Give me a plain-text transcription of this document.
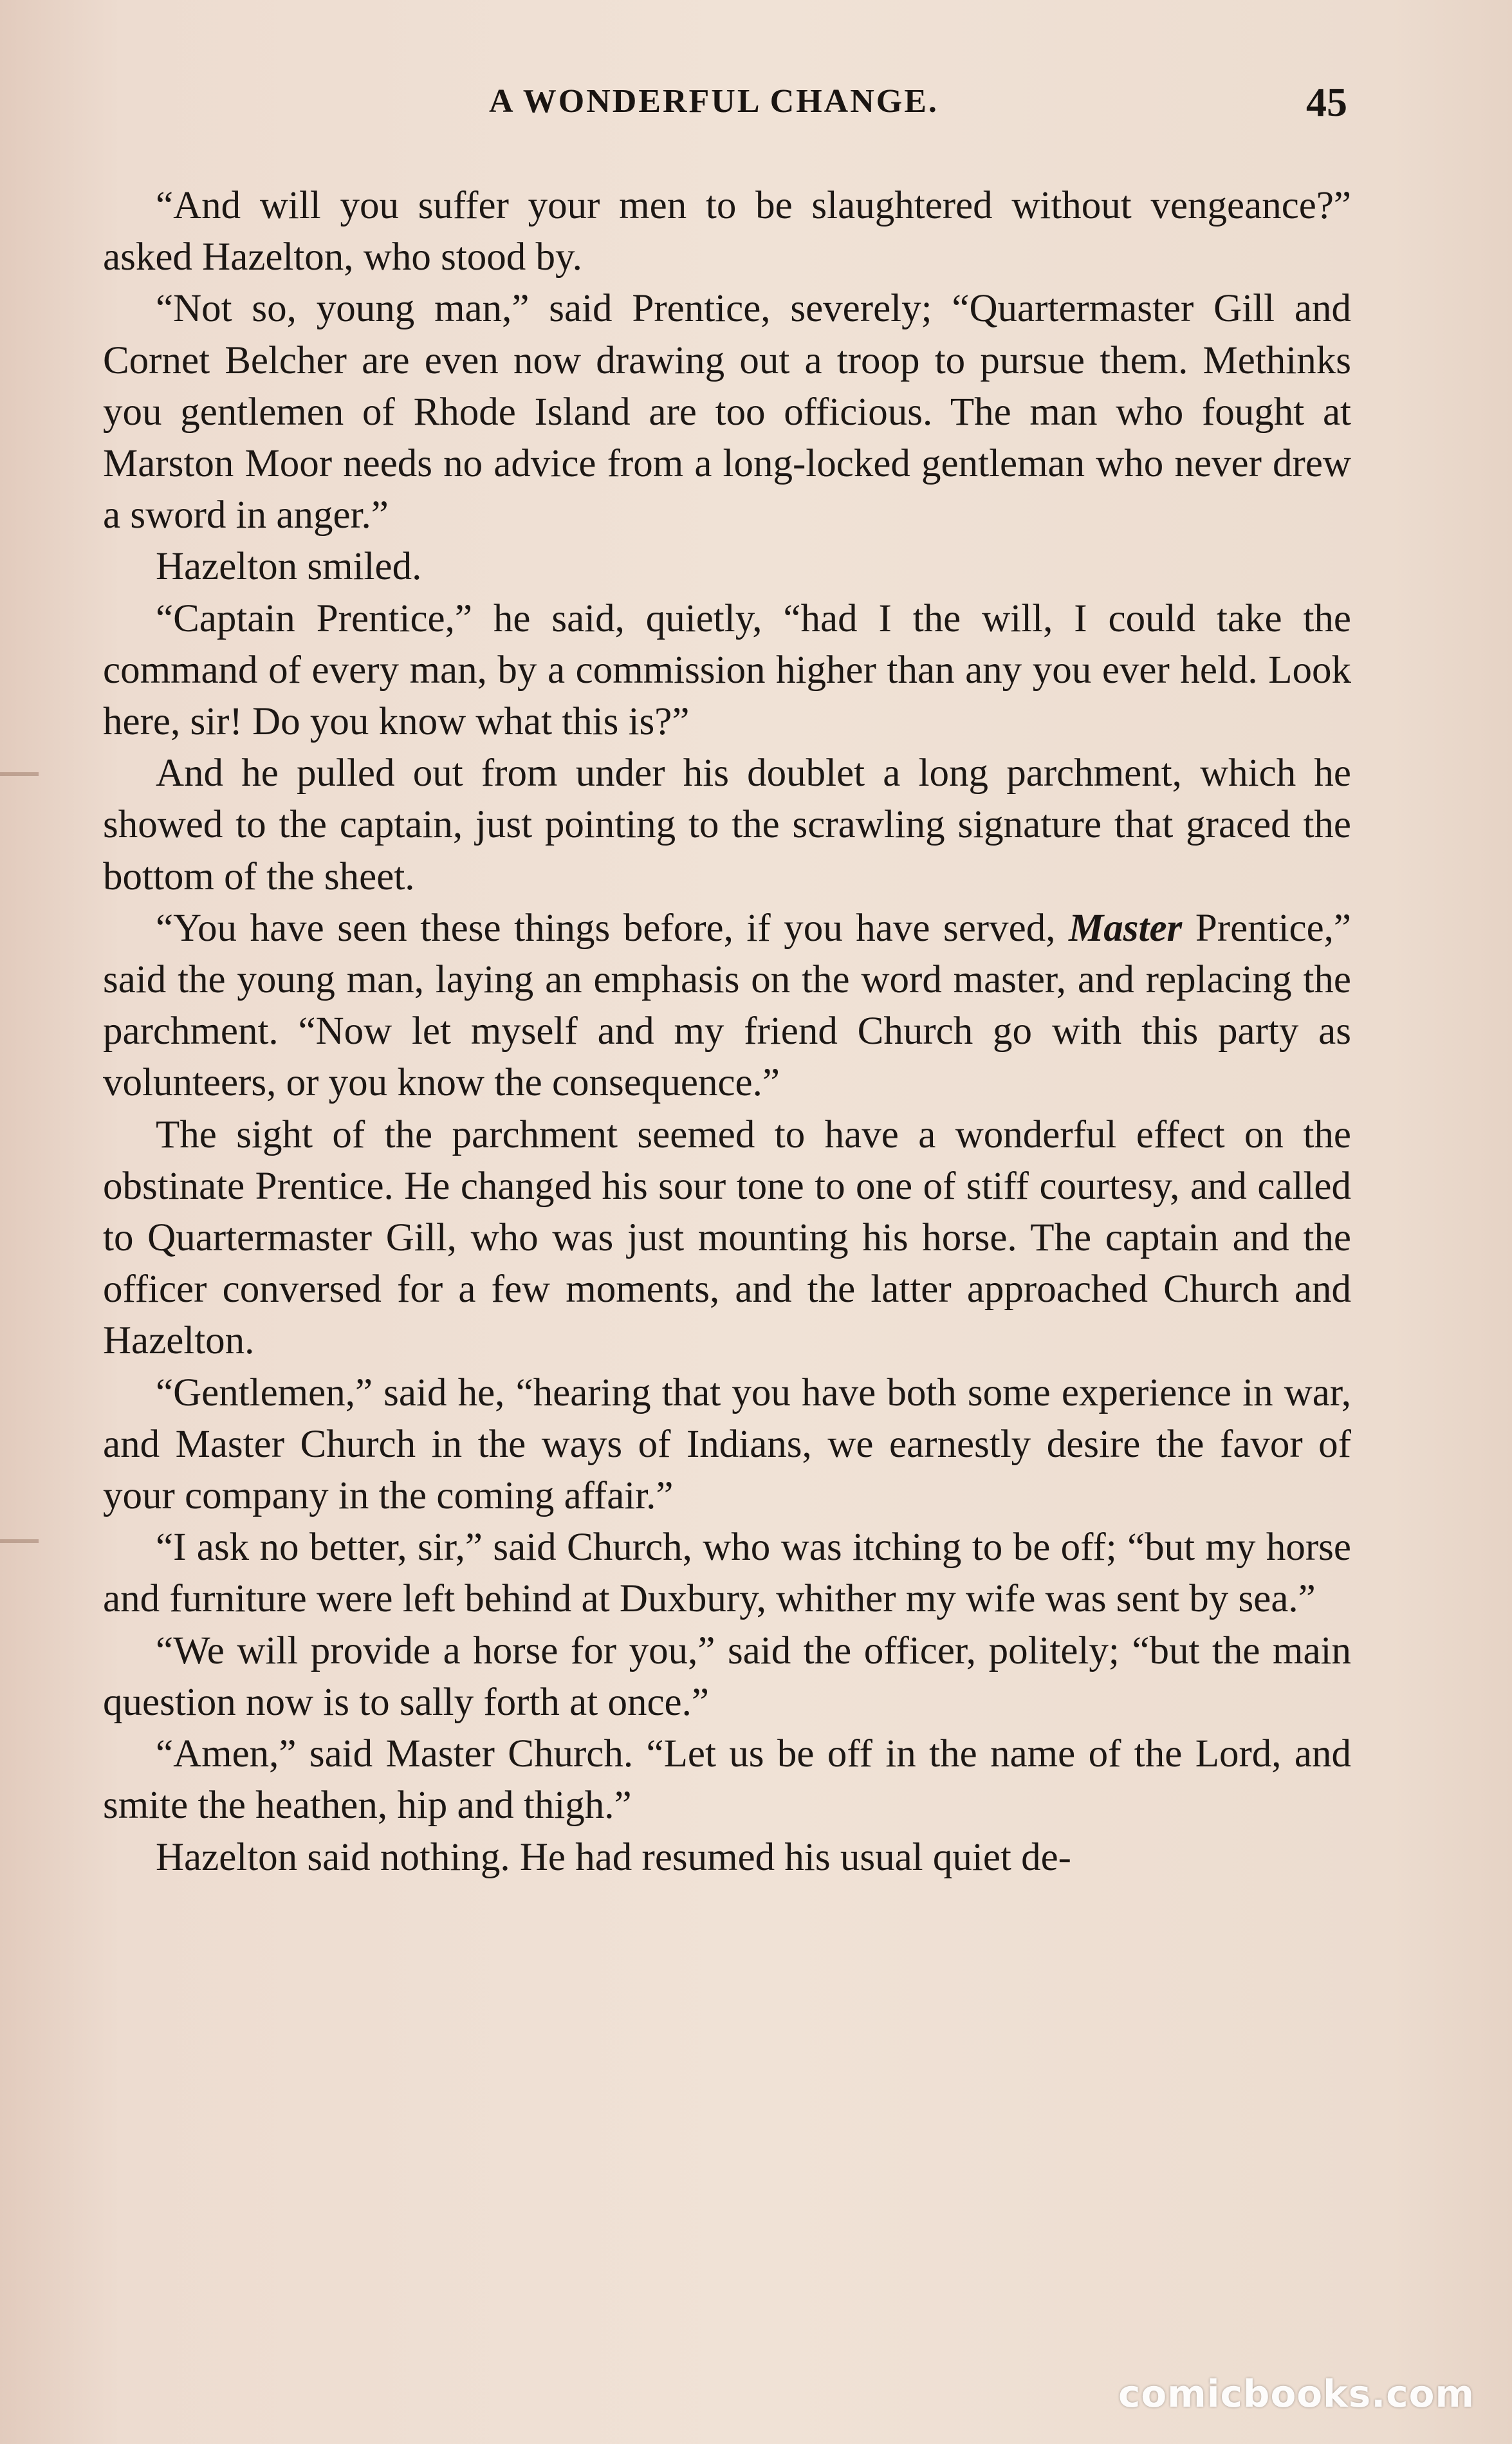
A WONDERFUL CHANGE.	45

“And will you suffer your men to be slaughtered without vengeance?” asked Hazelton, who stood by.

“Not so, young man,” said Prentice, severely; “Quartermaster Gill and Cornet Belcher are even now drawing out a troop to pursue them. Methinks you gentlemen of Rhode Island are too officious. The man who fought at Marston Moor needs no advice from a long-locked gentleman who never drew a sword in anger.”

Hazelton smiled.

“Captain Prentice,” he said, quietly, “had I the will, I could take the command of every man, by a commission higher than any you ever held. Look here, sir! Do you know what this is?”

And he pulled out from under his doublet a long parchment, which he showed to the captain, just pointing to the scrawling signature that graced the bottom of the sheet.

“You have seen these things before, if you have served, Master Prentice,” said the young man, laying an emphasis on the word master, and replacing the parchment. “Now let myself and my friend Church go with this party as volunteers, or you know the consequence.”

The sight of the parchment seemed to have a wonderful effect on the obstinate Prentice. He changed his sour tone to one of stiff courtesy, and called to Quartermaster Gill, who was just mounting his horse. The captain and the officer conversed for a few moments, and the latter approached Church and Hazelton.

“Gentlemen,” said he, “hearing that you have both some experience in war, and Master Church in the ways of Indians, we earnestly desire the favor of your company in the coming affair.”

“I ask no better, sir,” said Church, who was itching to be off; “but my horse and furniture were left behind at Duxbury, whither my wife was sent by sea.”

“We will provide a horse for you,” said the officer, politely; “but the main question now is to sally forth at once.”

“Amen,” said Master Church. “Let us be off in the name of the Lord, and smite the heathen, hip and thigh.”

Hazelton said nothing. He had resumed his usual quiet de-

comicbooks.com
